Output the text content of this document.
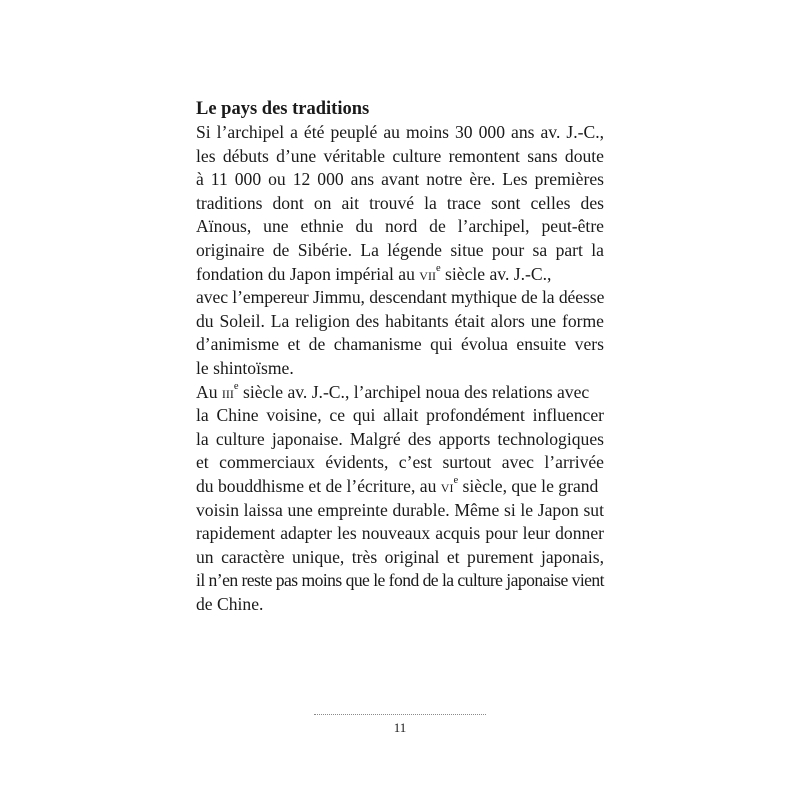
Le pays des traditions
Si l’archipel a été peuplé au moins 30 000 ans av. J.-C.,
les débuts d’une véritable culture remontent sans doute
à 11 000 ou 12 000 ans avant notre ère. Les premières
traditions dont on ait trouvé la trace sont celles des
Aïnous, une ethnie du nord de l’archipel, peut-être
originaire de Sibérie. La légende situe pour sa part la
fondation du Japon impérial au vii$^e$ siècle av. J.-C.,
avec l’empereur Jimmu, descendant mythique de la déesse
du Soleil. La religion des habitants était alors une forme
d’animisme et de chamanisme qui évolua ensuite vers
le shintoïsme.
Au iii$^e$ siècle av. J.-C., l’archipel noua des relations avec
la Chine voisine, ce qui allait profondément influencer
la culture japonaise. Malgré des apports technologiques
et commerciaux évidents, c’est surtout avec l’arrivée
du bouddhisme et de l’écriture, au $vi^e$ siècle, que le grand
voisin laissa une empreinte durable. Même si le Japon sut
rapidement adapter les nouveaux acquis pour leur donner
un caractère unique, très original et purement japonais,
il n’en reste pas moins que le fond de la culture japonaise vient
de Chine.
11
